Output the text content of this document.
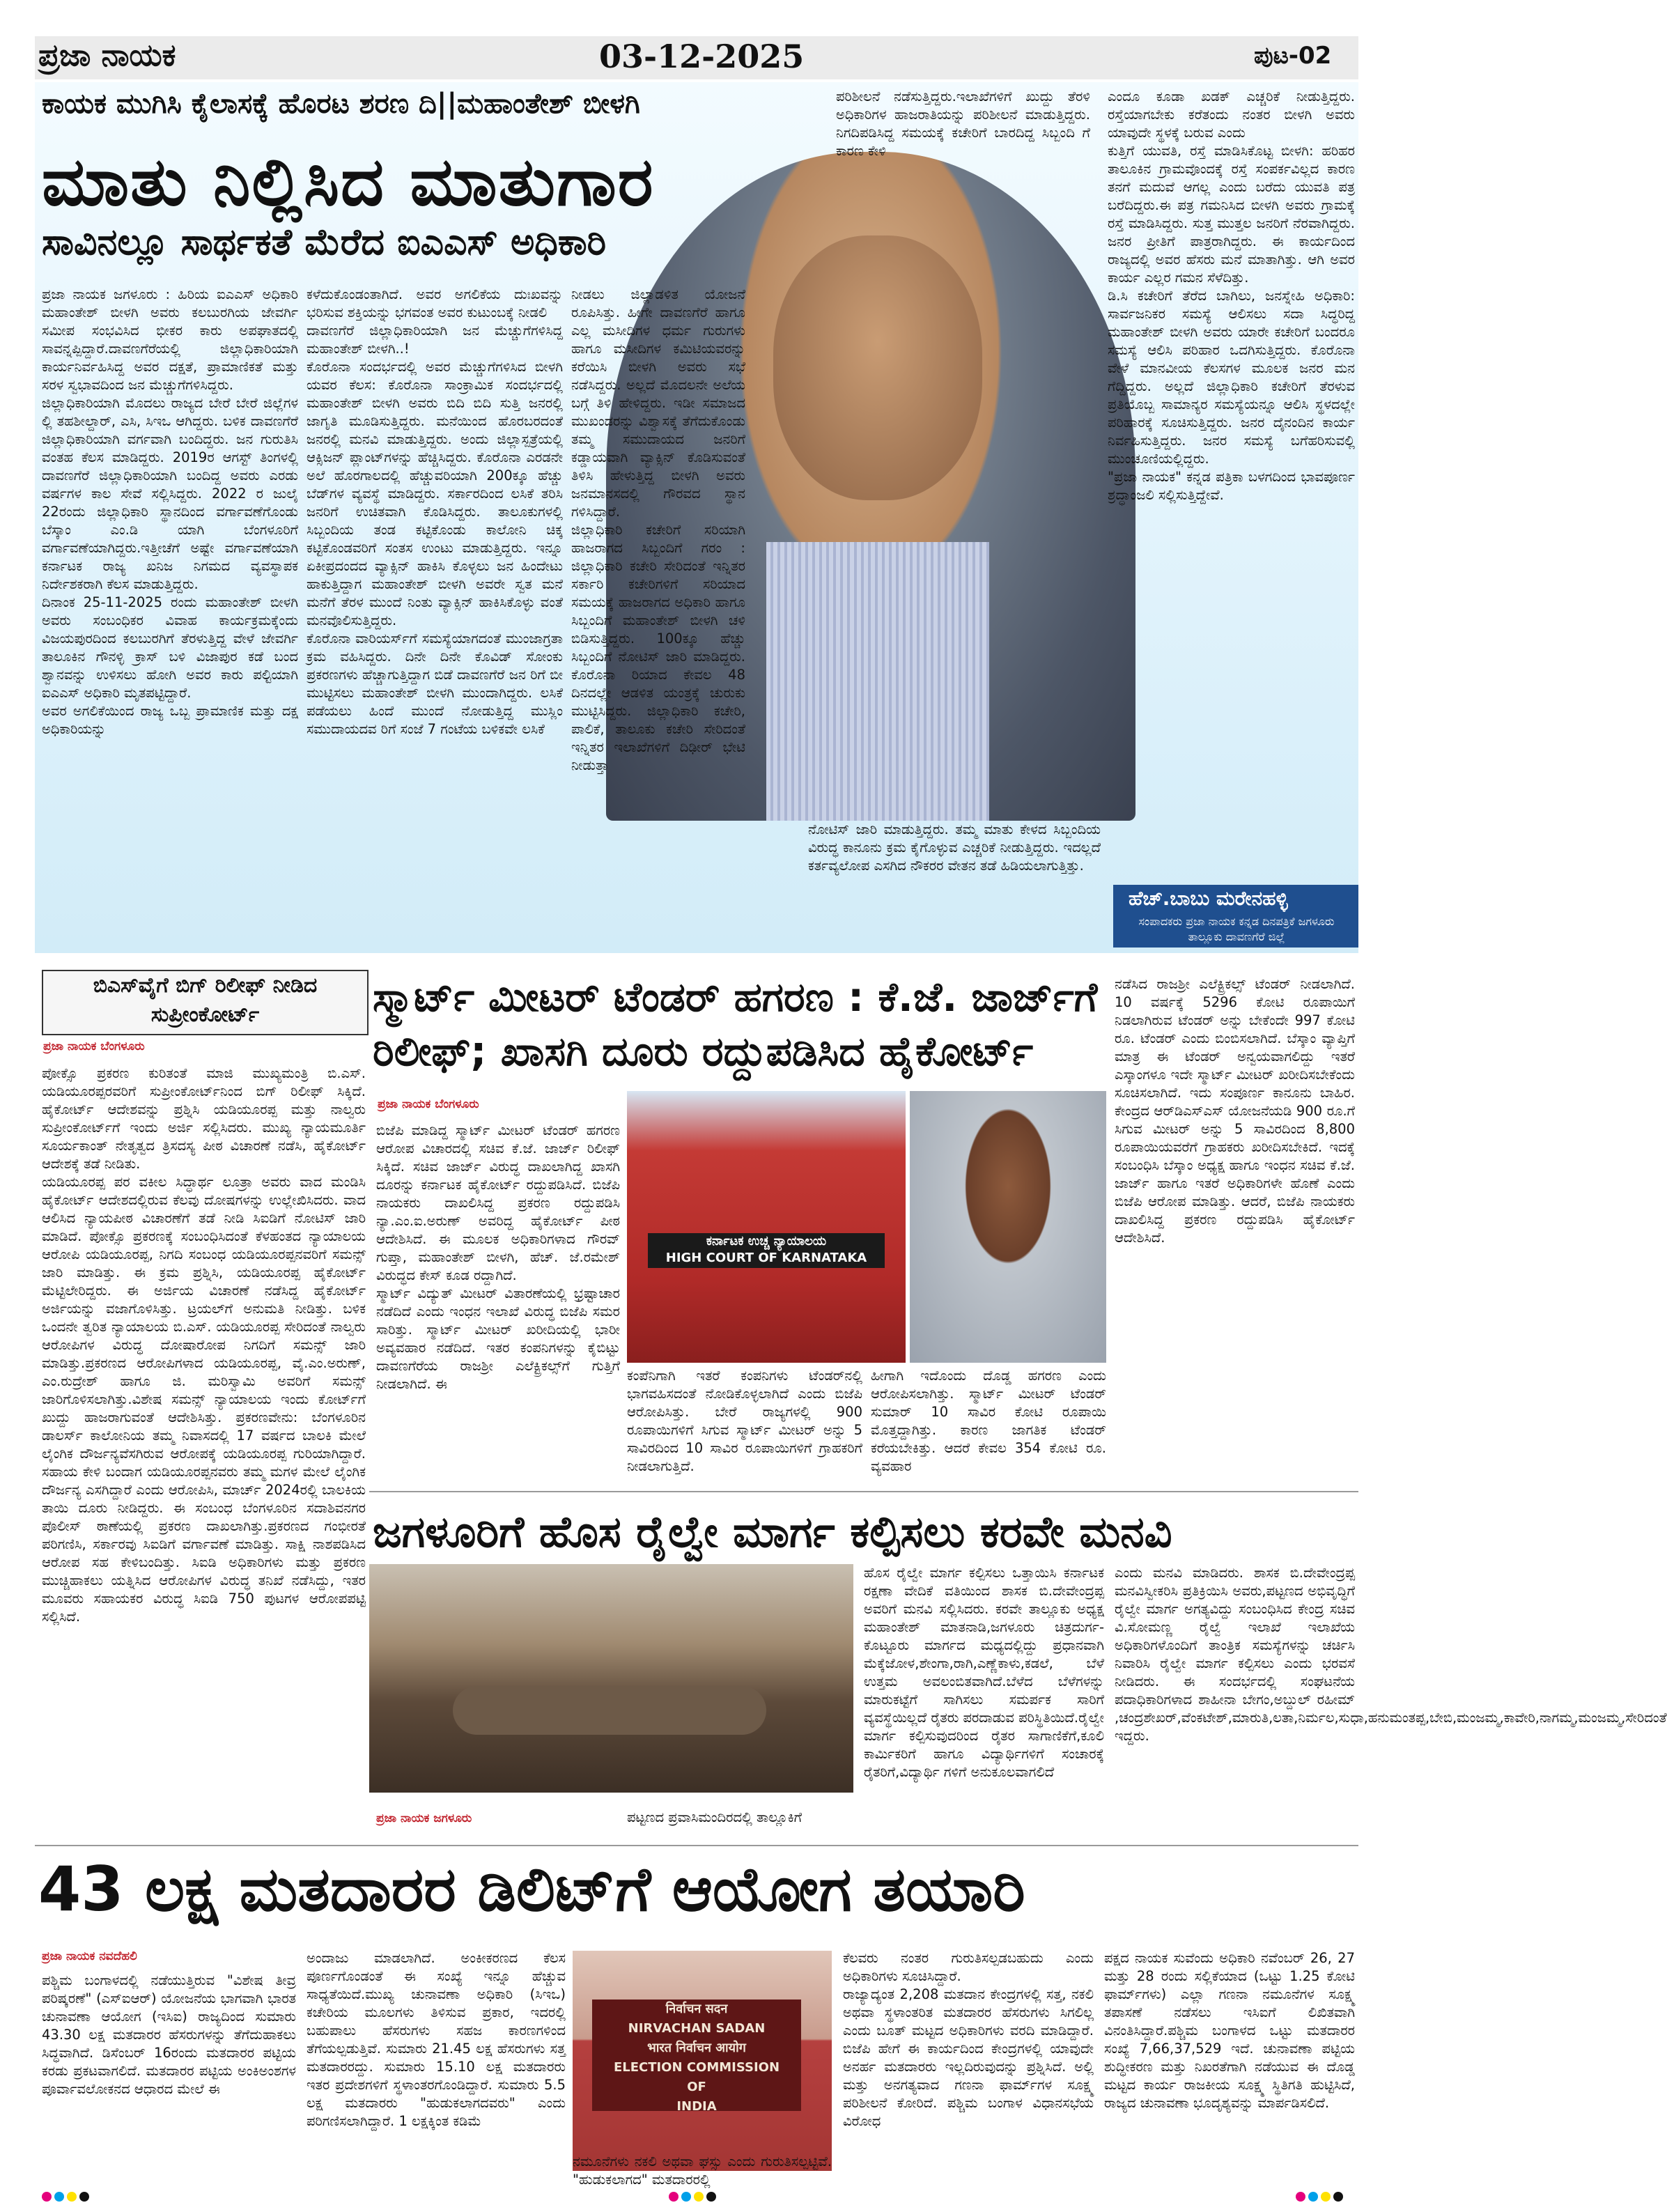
ಪ್ರಜಾ ನಾಯಕ	03-12-2025	ಪುಟ-02
ಕಾಯಕ ಮುಗಿಸಿ ಕೈಲಾಸಕ್ಕೆ ಹೊರಟ ಶರಣ ದಿ||ಮಹಾಂತೇಶ್ ಬೀಳಗಿ
ಮಾತು ನಿಲ್ಲಿಸಿದ ಮಾತುಗಾರ
ಸಾವಿನಲ್ಲೂ ಸಾರ್ಥಕತೆ ಮೆರೆದ ಐಎಎಸ್ ಅಧಿಕಾರಿ
ಪ್ರಜಾ ನಾಯಕ ಜಗಳೂರು : ಹಿರಿಯ ಐಎಎಸ್ ಅಧಿಕಾರಿ ಮಹಾಂತೇಶ್ ಬೀಳಗಿ ಅವರು ಕಲಬುರಗಿಯ ಜೇವರ್ಗಿ ಸಮೀಪ ಸಂಭವಿಸಿದ ಭೀಕರ ಕಾರು ಅಪಘಾತದಲ್ಲಿ ಸಾವನ್ನಪ್ಪಿದ್ದಾರೆ.ದಾವಣಗೆರೆಯಲ್ಲಿ ಜಿಲ್ಲಾಧಿಕಾರಿಯಾಗಿ ಕಾರ್ಯನಿರ್ವಹಿಸಿದ್ದ ಅವರ ದಕ್ಷತೆ, ಪ್ರಾಮಾಣಿಕತೆ ಮತ್ತು ಸರಳ ಸ್ವಭಾವದಿಂದ ಜನ ಮೆಚ್ಚುಗೆಗಳಿಸಿದ್ದರು.
ಜಿಲ್ಲಾಧಿಕಾರಿಯಾಗಿ ಮೊದಲು ರಾಜ್ಯದ ಬೇರೆ ಬೇರೆ ಜಿಲ್ಲೆಗಳ ಲ್ಲಿ ತಹಶೀಲ್ದಾರ್, ಎಸಿ, ಸಿಇಒ ಆಗಿದ್ದರು. ಬಳಿಕ ದಾವಣಗೆರೆ ಜಿಲ್ಲಾಧಿಕಾರಿಯಾಗಿ ವರ್ಗವಾಗಿ ಬಂದಿದ್ದರು. ಜನ ಗುರುತಿಸಿ ವಂತಹ ಕೆಲಸ ಮಾಡಿದ್ದರು. 2019ರ ಆಗಸ್ಟ್ ತಿಂಗಳಲ್ಲಿ ದಾವಣಗೆರೆ ಜಿಲ್ಲಾಧಿಕಾರಿಯಾಗಿ ಬಂದಿದ್ದ ಅವರು ಎರಡು ವರ್ಷಗಳ ಕಾಲ ಸೇವೆ ಸಲ್ಲಿಸಿದ್ದರು. 2022 ರ ಜುಲೈ 22ರಂದು ಜಿಲ್ಲಾಧಿಕಾರಿ ಸ್ಥಾನದಿಂದ ವರ್ಗಾವಣೆಗೊಂಡು ಬೆಸ್ಕಾಂ ಎಂ.ಡಿ ಯಾಗಿ ಬೆಂಗಳೂರಿಗೆ ವರ್ಗಾವಣೆಯಾಗಿದ್ದರು.ಇತ್ತೀಚೆಗೆ ಅಷ್ಟೇ ವರ್ಗಾವಣೆಯಾಗಿ ಕರ್ನಾಟಕ ರಾಜ್ಯ ಖನಿಜ ನಿಗಮದ ವ್ಯವಸ್ಥಾಪಕ ನಿರ್ದೇಶಕರಾಗಿ ಕೆಲಸ ಮಾಡುತ್ತಿದ್ದರು.
ದಿನಾಂಕ 25-11-2025 ರಂದು ಮಹಾಂತೇಶ್ ಬೀಳಗಿ ಅವರು ಸಂಬಂಧಿಕರ ವಿವಾಹ ಕಾರ್ಯಕ್ರಮಕ್ಕೆಂದು ವಿಜಯಪುರದಿಂದ ಕಲಬುರಗಿಗೆ ತೆರಳುತ್ತಿದ್ದ ವೇಳೆ ಜೇವರ್ಗಿ ತಾಲೂಕಿನ ಗೌನಳ್ಳಿ ಕ್ರಾಸ್ ಬಳಿ ವಿಜಾಪುರ ಕಡೆ ಬಂದ ಶ್ವಾನವನ್ನು ಉಳಿಸಲು ಹೋಗಿ ಅವರ ಕಾರು ಪಲ್ಟಿಯಾಗಿ ಐಎಎಸ್ ಅಧಿಕಾರಿ ಮೃತಪಟ್ಟಿದ್ದಾರೆ.
ಅವರ ಅಗಲಿಕೆಯಿಂದ ರಾಜ್ಯ ಒಬ್ಬ ಪ್ರಾಮಾಣಿಕ ಮತ್ತು ದಕ್ಷ ಅಧಿಕಾರಿಯನ್ನು
ಕಳೆದುಕೊಂಡಂತಾಗಿದೆ. ಅವರ ಅಗಲಿಕೆಯ ದುಃಖವನ್ನು ಭರಿಸುವ ಶಕ್ತಿಯನ್ನು ಭಗವಂತ ಅವರ ಕುಟುಂಬಕ್ಕೆ ನೀಡಲಿ
ದಾವಣಗೆರೆ ಜಿಲ್ಲಾಧಿಕಾರಿಯಾಗಿ ಜನ ಮೆಚ್ಚುಗೆಗಳಿಸಿದ್ದ ಮಹಾಂತೇಶ್ ಬೀಳಗಿ..!
ಕೊರೊನಾ ಸಂದರ್ಭದಲ್ಲಿ ಅವರ ಮೆಚ್ಚುಗೆಗಳಿಸಿದ ಬೀಳಗಿ ಯವರ ಕೆಲಸ: ಕೊರೊನಾ ಸಾಂಕ್ರಾಮಿಕ ಸಂದರ್ಭದಲ್ಲಿ ಮಹಾಂತೇಶ್ ಬೀಳಗಿ ಅವರು ಬಿದಿ ಬಿದಿ ಸುತ್ತಿ ಜನರಲ್ಲಿ ಜಾಗೃತಿ ಮೂಡಿಸುತ್ತಿದ್ದರು. ಮನೆಯಿಂದ ಹೊರಬರದಂತೆ ಜನರಲ್ಲಿ ಮನವಿ ಮಾಡುತ್ತಿದ್ದರು. ಅಂದು ಜಿಲ್ಲಾಸ್ಪತ್ರೆಯಲ್ಲಿ ಆಕ್ಸಿಜನ್ ಪ್ಲಾಂಟ್‌ಗಳನ್ನು ಹೆಚ್ಚಿಸಿದ್ದರು. ಕೊರೊನಾ ಎರಡನೇ ಅಲೆ ಹೊರಗಾಲದಲ್ಲಿ ಹೆಚ್ಚುವರಿಯಾಗಿ 200ಕ್ಕೂ ಹೆಚ್ಚು ಬೆಡ್‌ಗಳ ವ್ಯವಸ್ಥೆ ಮಾಡಿದ್ದರು. ಸರ್ಕಾರದಿಂದ ಲಸಿಕೆ ತರಿಸಿ ಜನರಿಗೆ ಉಚಿತವಾಗಿ ಕೊಡಿಸಿದ್ದರು. ತಾಲೂಕುಗಳಲ್ಲಿ ಸಿಬ್ಬಂದಿಯ ತಂಡ ಕಟ್ಟಿಕೊಂಡು ಕಾಲೋನಿ ಚಿಕ್ಕ ಕಟ್ಟಿಕೊಂಡವರಿಗೆ ಸಂತಸ ಉಂಟು ಮಾಡುತ್ತಿದ್ದರು. ಇನ್ನೂ ಏಕೀಪ್ರದಂದದ ವ್ಯಾಕ್ಸಿನ್ ಹಾಕಿಸಿ ಕೊಳ್ಳಲು ಜನ ಹಿಂದೇಟು ಹಾಕುತ್ತಿದ್ದಾಗ ಮಹಾಂತೇಶ್ ಬೀಳಗಿ ಅವರೇ ಸ್ವತ ಮನೆ ಮನೆಗೆ ತೆರಳ ಮುಂದೆ ನಿಂತು ವ್ಯಾಕ್ಸಿನ್ ಹಾಕಿಸಿಕೊಳ್ಳು ವಂತೆ ಮನವೊಲಿಸುತ್ತಿದ್ದರು.
ಕೊರೊನಾ ವಾರಿಯರ್ಸ್‌ಗೆ ಸಮಸ್ಯೆಯಾಗದಂತೆ ಮುಂಜಾಗ್ರತಾ ಕ್ರಮ ವಹಿಸಿದ್ದರು. ದಿನೇ ದಿನೇ ಕೊವಿಡ್ ಸೋಂಕು ಪ್ರಕರಣಗಳು ಹೆಚ್ಚಾಗುತ್ತಿದ್ದಾಗ ಬಿಡೆ ದಾವಣಗೆರೆ ಜನ ರಿಗೆ ಬೀ ಮುಟ್ಟಿಸಲು ಮಹಾಂತೇಶ್ ಬೀಳಗಿ ಮುಂದಾಗಿದ್ದರು. ಲಸಿಕೆ ಪಡೆಯಲು ಹಿಂದೆ ಮುಂದೆ ನೋಡುತ್ತಿದ್ದ ಮುಸ್ಲಿಂ ಸಮುದಾಯದವ ರಿಗೆ ಸಂಜೆ 7 ಗಂಟೆಯ ಬಳಿಕವೇ ಲಸಿಕೆ
ನೀಡಲು ಜಿಲ್ಲಾಡಳಿತ ಯೋಜನೆ ರೂಪಿಸಿತ್ತು. ಹೀಗೇ ದಾವಣಗೆರೆ ಹಾಗೂ ಎಲ್ಲ ಮಸೀದಿಗಳ ಧರ್ಮ ಗುರುಗಳು ಹಾಗೂ ಮಸೀದಿಗಳ ಕಮಿಟಿಯವರನ್ನು ಕರೆಯಿಸಿ ಬೀಳಗಿ ಅವರು ಸಭೆ ನಡೆಸಿದ್ದರು. ಅಲ್ಲದೆ ಮೊದಲನೇ ಅಲೆಯ ಬಗ್ಗೆ ತಿಳಿ ಹೇಳಿದ್ದರು. ಇಡೀ ಸಮಾಜದ ಮುಖಂಡರನ್ನು ವಿಶ್ವಾಸಕ್ಕೆ ತೆಗೆದುಕೊಂಡು ತಮ್ಮ ಸಮುದಾಯದ ಜನರಿಗೆ ಕಡ್ಡಾಯವಾಗಿ ವ್ಯಾಕ್ಸಿನ್ ಕೊಡಿಸುವಂತೆ ತಿಳಿಸಿ ಹೇಳುತ್ತಿದ್ದ ಬೀಳಗಿ ಅವರು ಜನಮಾನಸದಲ್ಲಿ ಗೌರವದ ಸ್ಥಾನ ಗಳಿಸಿದ್ದಾರೆ.
ಜಿಲ್ಲಾಧಿಕಾರಿ ಕಚೇರಿಗೆ ಸರಿಯಾಗಿ ಹಾಜರಾಗದ ಸಿಬ್ಬಂದಿಗೆ ಗರಂ : ಜಿಲ್ಲಾಧಿಕಾರಿ ಕಚೇರಿ ಸೇರಿದಂತೆ ಇನ್ನಿತರ ಸರ್ಕಾರಿ ಕಚೇರಿಗಳಿಗೆ ಸರಿಯಾದ ಸಮಯಕ್ಕೆ ಹಾಜರಾಗದ ಅಧಿಕಾರಿ ಹಾಗೂ ಸಿಬ್ಬಂದಿಗೆ ಮಹಾಂತೇಶ್ ಬೀಳಗಿ ಚಳಿ ಬಿಡಿಸುತ್ತಿದ್ದರು. 100ಕ್ಕೂ ಹೆಚ್ಚು ಸಿಬ್ಬಂದಿಗೆ ನೋಟಿಸ್ ಜಾರಿ ಮಾಡಿದ್ದರು. ಕೊರೊನಾ ರಿಯಾದ ಕೇವಲ 48 ದಿನದಲ್ಲೇ ಆಡಳಿತ ಯಂತ್ರಕ್ಕೆ ಚುರುಕು ಮುಟ್ಟಿಸಿದ್ದರು. ಜಿಲ್ಲಾಧಿಕಾರಿ ಕಚೇರಿ, ಪಾಲಿಕೆ, ತಾಲೂಕು ಕಚೇರಿ ಸೇರಿದಂತೆ ಇನ್ನಿತರ ಇಲಾಖೆಗಳಿಗೆ ದಿಢೀರ್ ಭೇಟಿ ನೀಡುತ್ತಾ
ಪರಿಶೀಲನೆ ನಡೆಸುತ್ತಿದ್ದರು.ಇಲಾಖೆಗಳಿಗೆ ಖುದ್ದು ತೆರಳಿ ಅಧಿಕಾರಿಗಳ ಹಾಜರಾತಿಯನ್ನು ಪರಿಶೀಲನೆ ಮಾಡುತ್ತಿದ್ದರು. ನಿಗದಿಪಡಿಸಿದ್ದ ಸಮಯಕ್ಕೆ ಕಚೇರಿಗೆ ಬಾರದಿದ್ದ ಸಿಬ್ಬಂದಿ ಗೆ ಕಾರಣ ಕೇಳಿ
ನೋಟಿಸ್ ಜಾರಿ ಮಾಡುತ್ತಿದ್ದರು. ತಮ್ಮ ಮಾತು ಕೇಳದ ಸಿಬ್ಬಂದಿಯ ವಿರುದ್ಧ ಕಾನೂನು ಕ್ರಮ ಕೈಗೊಳ್ಳುವ ಎಚ್ಚರಿಕೆ ನೀಡುತ್ತಿದ್ದರು. ಇದಲ್ಲದೆ ಕರ್ತವ್ಯಲೋಪ ಎಸಗಿದ ನೌಕರರ ವೇತನ ತಡೆ ಹಿಡಿಯಲಾಗುತ್ತಿತ್ತು.
ಎಂದೂ ಕೂಡಾ ಖಡಕ್ ಎಚ್ಚರಿಕೆ ನೀಡುತ್ತಿದ್ದರು. ರಸ್ತೆಯಾಗಬೇಕು ಕರೆತಂದು ನಂತರ ಬೀಳಗಿ ಅವರು ಯಾವುದೇ ಸ್ಥಳಕ್ಕೆ ಬರುವ ಎಂದು
ಕುತ್ತಿಗೆ ಯುವತಿ, ರಸ್ತೆ ಮಾಡಿಸಿಕೊಟ್ಟ ಬೀಳಗಿ: ಹರಿಹರ ತಾಲೂಕಿನ ಗ್ರಾಮವೊಂದಕ್ಕೆ ರಸ್ತೆ ಸಂಪರ್ಕವಿಲ್ಲದ ಕಾರಣ ತನಗೆ ಮದುವೆ ಆಗಲ್ಲ ಎಂದು ಬರೆದು ಯುವತಿ ಪತ್ರ ಬರೆದಿದ್ದರು.ಈ ಪತ್ರ ಗಮನಿಸಿದ ಬೀಳಗಿ ಅವರು ಗ್ರಾಮಕ್ಕೆ ರಸ್ತೆ ಮಾಡಿಸಿದ್ದರು. ಸುತ್ತ ಮುತ್ತಲ ಜನರಿಗೆ ನೆರವಾಗಿದ್ದರು. ಜನರ ಪ್ರೀತಿಗೆ ಪಾತ್ರರಾಗಿದ್ದರು. ಈ ಕಾರ್ಯದಿಂದ ರಾಜ್ಯದಲ್ಲಿ ಅವರ ಹೆಸರು ಮನೆ ಮಾತಾಗಿತ್ತು. ಆಗಿ ಅವರ ಕಾರ್ಯ ಎಲ್ಲರ ಗಮನ ಸೆಳೆದಿತ್ತು.
ಡಿ.ಸಿ ಕಚೇರಿಗೆ ತೆರೆದ ಬಾಗಿಲು, ಜನಸ್ನೇಹಿ ಅಧಿಕಾರಿ: ಸಾರ್ವಜನಿಕರ ಸಮಸ್ಯೆ ಆಲಿಸಲು ಸದಾ ಸಿದ್ಧರಿದ್ದ ಮಹಾಂತೇಶ್ ಬೀಳಗಿ ಅವರು ಯಾರೇ ಕಚೇರಿಗೆ ಬಂದರೂ ಸಮಸ್ಯೆ ಆಲಿಸಿ ಪರಿಹಾರ ಒದಗಿಸುತ್ತಿದ್ದರು. ಕೊರೊನಾ ವೇಳೆ ಮಾನವೀಯ ಕೆಲಸಗಳ ಮೂಲಕ ಜನರ ಮನ ಗೆದ್ದಿದ್ದರು. ಅಲ್ಲದೆ ಜಿಲ್ಲಾಧಿಕಾರಿ ಕಚೇರಿಗೆ ತೆರಳುವ ಪ್ರತಿಯೊಬ್ಬ ಸಾಮಾನ್ಯರ ಸಮಸ್ಯೆಯನ್ನೂ ಆಲಿಸಿ ಸ್ಥಳದಲ್ಲೇ ಪರಿಹಾರಕ್ಕೆ ಸೂಚಿಸುತ್ತಿದ್ದರು. ಜನರ ದೈನಂದಿನ ಕಾರ್ಯ ನಿರ್ವಹಿಸುತ್ತಿದ್ದರು. ಜನರ ಸಮಸ್ಯೆ ಬಗೆಹರಿಸುವಲ್ಲಿ ಮುಂಚೂಣಿಯಲ್ಲಿದ್ದರು.
"ಪ್ರಜಾ ನಾಯಕ" ಕನ್ನಡ ಪತ್ರಿಕಾ ಬಳಗದಿಂದ ಭಾವಪೂರ್ಣ ಶ್ರದ್ಧಾಂಜಲಿ ಸಲ್ಲಿಸುತ್ತಿದ್ದೇವೆ.
ಹೆಚ್.ಬಾಬು ಮರೇನಹಳ್ಳಿ
ಸಂಪಾದಕರು ಪ್ರಜಾ ನಾಯಕ ಕನ್ನಡ ದಿನಪತ್ರಿಕೆ ಜಗಳೂರು ತಾಲ್ಲೂಕು ದಾವಣಗೆರೆ ಜಿಲ್ಲೆ
ಬಿಎಸ್‌ವೈಗೆ ಬಿಗ್ ರಿಲೀಫ್ ನೀಡಿದ ಸುಪ್ರೀಂಕೋರ್ಟ್
ಪ್ರಜಾ ನಾಯಕ ಬೆಂಗಳೂರು
ಪೋಕ್ಸೊ ಪ್ರಕರಣ ಕುರಿತಂತೆ ಮಾಜಿ ಮುಖ್ಯಮಂತ್ರಿ ಬಿ.ಎಸ್. ಯಡಿಯೂರಪ್ಪರವರಿಗೆ ಸುಪ್ರೀಂಕೋರ್ಟ್‌ನಿಂದ ಬಿಗ್ ರಿಲೀಫ್ ಸಿಕ್ಕಿದೆ. ಹೈಕೋರ್ಟ್ ಆದೇಶವನ್ನು ಪ್ರಶ್ನಿಸಿ ಯಡಿಯೂರಪ್ಪ ಮತ್ತು ನಾಲ್ವರು ಸುಪ್ರೀಂಕೋರ್ಟ್‌ಗೆ ಇಂದು ಅರ್ಜಿ ಸಲ್ಲಿಸಿದರು. ಮುಖ್ಯ ನ್ಯಾಯಮೂರ್ತಿ ಸೂರ್ಯಕಾಂತ್ ನೇತೃತ್ವದ ತ್ರಿಸದಸ್ಯ ಪೀಠ ವಿಚಾರಣೆ ನಡೆಸಿ, ಹೈಕೋರ್ಟ್ ಆದೇಶಕ್ಕೆ ತಡೆ ನೀಡಿತು.
ಯಡಿಯೂರಪ್ಪ ಪರ ವಕೀಲ ಸಿದ್ಧಾರ್ಥ ಲೂತ್ರಾ ಅವರು ವಾದ ಮಂಡಿಸಿ ಹೈಕೋರ್ಟ್ ಆದೇಶದಲ್ಲಿರುವ ಕೆಲವು ದೋಷಗಳನ್ನು ಉಲ್ಲೇಖಿಸಿದರು. ವಾದ ಆಲಿಸಿದ ನ್ಯಾಯಪೀಠ ವಿಚಾರಣೆಗೆ ತಡೆ ನೀಡಿ ಸಿಐಡಿಗೆ ನೋಟಿಸ್ ಜಾರಿ ಮಾಡಿದೆ. ಪೋಕ್ಸೊ ಪ್ರಕರಣಕ್ಕೆ ಸಂಬಂಧಿಸಿದಂತೆ ಕೆಳಹಂತದ ನ್ಯಾಯಾಲಯ ಆರೋಪಿ ಯಡಿಯೂರಪ್ಪ, ನಿಗದಿ ಸಂಬಂಧ ಯಡಿಯೂರಪ್ಪನವರಿಗೆ ಸಮನ್ಸ್ ಜಾರಿ ಮಾಡಿತ್ತು. ಈ ಕ್ರಮ ಪ್ರಶ್ನಿಸಿ, ಯಡಿಯೂರಪ್ಪ ಹೈಕೋರ್ಟ್ ಮೆಟ್ಟಿಲೇರಿದ್ದರು. ಈ ಅರ್ಜಿಯ ವಿಚಾರಣೆ ನಡೆಸಿದ್ದ ಹೈಕೋರ್ಟ್ ಅರ್ಜಿಯನ್ನು ವಜಾಗೊಳಿಸಿತ್ತು. ಟ್ರಯಲ್‌ಗೆ ಅನುಮತಿ ನೀಡಿತ್ತು. ಬಳಿಕ ಒಂದನೇ ತ್ವರಿತ ನ್ಯಾಯಾಲಯ ಬಿ.ಎಸ್. ಯಡಿಯೂರಪ್ಪ ಸೇರಿದಂತೆ ನಾಲ್ವರು ಆರೋಪಿಗಳ ವಿರುದ್ಧ ದೋಷಾರೋಪ ನಿಗದಿಗೆ ಸಮನ್ಸ್ ಜಾರಿ ಮಾಡಿತ್ತು.ಪ್ರಕರಣದ ಆರೋಪಿಗಳಾದ ಯಡಿಯೂರಪ್ಪ, ವೈ.ಎಂ.ಅರುಣ್, ಎಂ.ರುದ್ರೇಶ್ ಹಾಗೂ ಜಿ. ಮರಿಸ್ವಾಮಿ ಅವರಿಗೆ ಸಮನ್ಸ್ ಜಾರಿಗೊಳಿಸಲಾಗಿತ್ತು.ವಿಶೇಷ ಸಮನ್ಸ್ ನ್ಯಾಯಾಲಯ ಇಂದು ಕೋರ್ಟ್‌ಗೆ ಖುದ್ದು ಹಾಜರಾಗುವಂತೆ ಆದೇಶಿಸಿತ್ತು. ಪ್ರಕರಣವೇನು: ಬೆಂಗಳೂರಿನ ಡಾಲರ್ಸ್ ಕಾಲೋನಿಯ ತಮ್ಮ ನಿವಾಸದಲ್ಲಿ 17 ವರ್ಷದ ಬಾಲಕಿ ಮೇಲೆ ಲೈಂಗಿಕ ದೌರ್ಜನ್ಯವೆಸಗಿರುವ ಆರೋಪಕ್ಕೆ ಯಡಿಯೂರಪ್ಪ ಗುರಿಯಾಗಿದ್ದಾರೆ. ಸಹಾಯ ಕೇಳಿ ಬಂದಾಗ ಯಡಿಯೂರಪ್ಪನವರು ತಮ್ಮ ಮಗಳ ಮೇಲೆ ಲೈಂಗಿಕ ದೌರ್ಜನ್ಯ ಎಸಗಿದ್ದಾರೆ ಎಂದು ಆರೋಪಿಸಿ, ಮಾರ್ಚ್ 2024ರಲ್ಲಿ ಬಾಲಕಿಯ ತಾಯಿ ದೂರು ನೀಡಿದ್ದರು. ಈ ಸಂಬಂಧ ಬೆಂಗಳೂರಿನ ಸದಾಶಿವನಗರ ಪೊಲೀಸ್ ಠಾಣೆಯಲ್ಲಿ ಪ್ರಕರಣ ದಾಖಲಾಗಿತ್ತು.ಪ್ರಕರಣದ ಗಂಭೀರತೆ ಪರಿಗಣಿಸಿ, ಸರ್ಕಾರವು ಸಿಐಡಿಗೆ ವರ್ಗಾವಣೆ ಮಾಡಿತ್ತು. ಸಾಕ್ಷಿ ನಾಶಪಡಿಸಿದ ಆರೋಪ ಸಹ ಕೇಳಿಬಂದಿತ್ತು. ಸಿಐಡಿ ಅಧಿಕಾರಿಗಳು ಮತ್ತು ಪ್ರಕರಣ ಮುಚ್ಚಿಹಾಕಲು ಯತ್ನಿಸಿದ ಆರೋಪಿಗಳ ವಿರುದ್ಧ ತನಿಖೆ ನಡೆಸಿದ್ದು, ಇತರ ಮೂವರು ಸಹಾಯಕರ ವಿರುದ್ಧ ಸಿಐಡಿ 750 ಪುಟಗಳ ಆರೋಪಪಟ್ಟಿ ಸಲ್ಲಿಸಿದೆ.
ಸ್ಮಾರ್ಟ್ ಮೀಟರ್ ಟೆಂಡರ್ ಹಗರಣ : ಕೆ.ಜೆ. ಜಾರ್ಜ್‌ಗೆ
ರಿಲೀಫ್; ಖಾಸಗಿ ದೂರು ರದ್ದುಪಡಿಸಿದ ಹೈಕೋರ್ಟ್
ಪ್ರಜಾ ನಾಯಕ ಬೆಂಗಳೂರು
ಬಿಜೆಪಿ ಮಾಡಿದ್ದ ಸ್ಮಾರ್ಟ್ ಮೀಟರ್ ಟೆಂಡರ್ ಹಗರಣ ಆರೋಪ ವಿಚಾರದಲ್ಲಿ ಸಚಿವ ಕೆ.ಜೆ. ಜಾರ್ಜ್ ರಿಲೀಫ್ ಸಿಕ್ಕಿದೆ. ಸಚಿವ ಜಾರ್ಜ್ ವಿರುದ್ಧ ದಾಖಲಾಗಿದ್ದ ಖಾಸಗಿ ದೂರನ್ನು ಕರ್ನಾಟಕ ಹೈಕೋರ್ಟ್ ರದ್ದುಪಡಿಸಿದೆ. ಬಿಜೆಪಿ ನಾಯಕರು ದಾಖಲಿಸಿದ್ದ ಪ್ರಕರಣ ರದ್ದುಪಡಿಸಿ ನ್ಯಾ.ಎಂ.ಐ.ಅರುಣ್ ಅವರಿದ್ದ ಹೈಕೋರ್ಟ್ ಪೀಠ ಆದೇಶಿಸಿದೆ. ಈ ಮೂಲಕ ಅಧಿಕಾರಿಗಳಾದ ಗೌರವ್ ಗುಪ್ತಾ, ಮಹಾಂತೇಶ್ ಬೀಳಗಿ, ಹೆಚ್. ಜೆ.ರಮೇಶ್ ವಿರುದ್ಧದ ಕೇಸ್ ಕೂಡ ರದ್ದಾಗಿದೆ.
ಸ್ಮಾರ್ಟ್ ವಿದ್ಯುತ್ ಮೀಟರ್ ವಿತಾರಣೆಯಲ್ಲಿ ಭ್ರಷ್ಟಾಚಾರ ನಡೆದಿದೆ ಎಂದು ಇಂಧನ ಇಲಾಖೆ ವಿರುದ್ಧ ಬಿಜೆಪಿ ಸಮರ ಸಾರಿತ್ತು. ಸ್ಮಾರ್ಟ್ ಮೀಟರ್ ಖರೀದಿಯಲ್ಲಿ ಭಾರೀ ಅವ್ಯವಹಾರ ನಡೆದಿದೆ. ಇತರ ಕಂಪನಿಗಳನ್ನು ಕೈಬಿಟ್ಟು ದಾವಣಗೆರೆಯ ರಾಜಶ್ರೀ ಎಲೆಕ್ಟ್ರಿಕಲ್ಸ್‌ಗೆ ಗುತ್ತಿಗೆ ನೀಡಲಾಗಿದೆ. ಈ
ಕರ್ನಾಟಕ ಉಚ್ಚ ನ್ಯಾಯಾಲಯ
HIGH COURT OF KARNATAKA
ಕಂಪೆನಿಗಾಗಿ ಇತರೆ ಕಂಪನಿಗಳು ಟೆಂಡರ್‌ನಲ್ಲಿ ಭಾಗವಹಿಸದಂತೆ ನೋಡಿಕೊಳ್ಳಲಾಗಿದೆ ಎಂದು ಬಿಜೆಪಿ ಆರೋಪಿಸಿತ್ತು. ಬೇರೆ ರಾಜ್ಯಗಳಲ್ಲಿ 900 ರೂಪಾಯಿಗಳಿಗೆ ಸಿಗುವ ಸ್ಮಾರ್ಟ್ ಮೀಟರ್ ಅನ್ನು 5 ಸಾವಿರದಿಂದ 10 ಸಾವಿರ ರೂಪಾಯಿಗಳಿಗೆ ಗ್ರಾಹಕರಿಗೆ ನೀಡಲಾಗುತ್ತಿದೆ.
ಹೀಗಾಗಿ ಇದೊಂದು ದೊಡ್ಡ ಹಗರಣ ಎಂದು ಆರೋಪಿಸಲಾಗಿತ್ತು. ಸ್ಮಾರ್ಟ್ ಮೀಟರ್ ಟೆಂಡರ್ ಸುಮಾರ್ 10 ಸಾವಿರ ಕೋಟಿ ರೂಪಾಯಿ ಮೊತ್ತದ್ದಾಗಿತ್ತು. ಕಾರಣ ಜಾಗತಿಕ ಟೆಂಡರ್ ಕರೆಯಬೇಕಿತ್ತು. ಆದರೆ ಕೇವಲ 354 ಕೋಟಿ ರೂ. ವ್ಯವಹಾರ
ನಡೆಸಿದ ರಾಜಶ್ರೀ ಎಲೆಕ್ಟ್ರಿಕಲ್ಸ್ ಟೆಂಡರ್ ನೀಡಲಾಗಿದೆ. 10 ವರ್ಷಕ್ಕೆ 5296 ಕೋಟಿ ರೂಪಾಯಿಗೆ ನಿಡಲಾಗಿರುವ ಟೆಂಡರ್ ಅನ್ನು ಬೇಕೆಂದೇ 997 ಕೋಟಿ ರೂ. ಟೆಂಡರ್ ಎಂದು ಬಿಂಬಿಸಲಾಗಿದೆ. ಬೆಸ್ಕಾಂ ವ್ಯಾಪ್ತಿಗೆ ಮಾತ್ರ ಈ ಟೆಂಡರ್ ಅನ್ವಯವಾಗಲಿದ್ದು ಇತರೆ ಎಸ್ಕಾಂಗಳೂ ಇದೇ ಸ್ಮಾರ್ಟ್ ಮೀಟರ್ ಖರೀದಿಸಬೇಕೆಂದು ಸೂಚಿಸಲಾಗಿದೆ. ಇದು ಸಂಪೂರ್ಣ ಕಾನೂನು ಬಾಹಿರ. ಕೇಂದ್ರದ ಆರ್‌ಡಿಎಸ್‌ಎಸ್ ಯೋಜನೆಯಡಿ 900 ರೂ.ಗೆ ಸಿಗುವ ಮೀಟರ್ ಅನ್ನು 5 ಸಾವಿರದಿಂದ 8,800 ರೂಪಾಯಿಯವರೆಗೆ ಗ್ರಾಹಕರು ಖರೀದಿಸಬೇಕಿದೆ. ಇದಕ್ಕೆ ಸಂಬಂಧಿಸಿ ಬೆಸ್ಕಾಂ ಅಧ್ಯಕ್ಷ ಹಾಗೂ ಇಂಧನ ಸಚಿವ ಕೆ.ಜೆ. ಜಾರ್ಜ್ ಹಾಗೂ ಇತರೆ ಅಧಿಕಾರಿಗಳೇ ಹೊಣೆ ಎಂದು ಬಿಜೆಪಿ ಆರೋಪ ಮಾಡಿತ್ತು. ಆದರೆ, ಬಿಜೆಪಿ ನಾಯಕರು ದಾಖಲಿಸಿದ್ದ ಪ್ರಕರಣ ರದ್ದುಪಡಿಸಿ ಹೈಕೋರ್ಟ್ ಆದೇಶಿಸಿದೆ.
ಜಗಳೂರಿಗೆ ಹೊಸ ರೈಲ್ವೇ ಮಾರ್ಗ ಕಲ್ಪಿಸಲು ಕರವೇ ಮನವಿ
ಪ್ರಜಾ ನಾಯಕ ಜಗಳೂರು	ಪಟ್ಟಣದ ಪ್ರವಾಸಿಮಂದಿರದಲ್ಲಿ ತಾಲ್ಲೂಕಿಗೆ
ಹೊಸ ರೈಲ್ವೇ ಮಾರ್ಗ ಕಲ್ಪಿಸಲು ಒತ್ತಾಯಿಸಿ ಕರ್ನಾಟಕ ರಕ್ಷಣಾ ವೇದಿಕೆ ವತಿಯಿಂದ ಶಾಸಕ ಬಿ.ದೇವೇಂದ್ರಪ್ಪ ಅವರಿಗೆ ಮನವಿ ಸಲ್ಲಿಸಿದರು. ಕರವೇ ತಾಲ್ಲೂಕು ಅಧ್ಯಕ್ಷ ಮಹಾಂತೇಶ್ ಮಾತನಾಡಿ,ಜಗಳೂರು ಚಿತ್ರದುರ್ಗ-ಕೊಟ್ಟೂರು ಮಾರ್ಗದ ಮಧ್ಯದಲ್ಲಿದ್ದು ಪ್ರಧಾನವಾಗಿ ಮೆಕ್ಕೆಜೋಳ,ಶೇಂಗಾ,ರಾಗಿ,ಎಣ್ಣೆಕಾಳು,ಕಡಲೆ, ಬೆಳೆ ಉತ್ತಮ ಅವಲಂಬಿತವಾಗಿದೆ.ಬೆಳೆದ ಬೆಳೆಗಳನ್ನು ಮಾರುಕಟ್ಟೆಗೆ ಸಾಗಿಸಲು ಸಮರ್ಪಕ ಸಾರಿಗೆ ವ್ಯವಸ್ಥೆಯಿಲ್ಲದೆ ರೈತರು ಪರದಾಡುವ ಪರಿಸ್ಥಿತಿಯಿದೆ.ರೈಲ್ವೇ ಮಾರ್ಗ ಕಲ್ಪಿಸುವುದರಿಂದ ರೈತರ ಸಾಗಾಣಿಕೆಗೆ,ಕೂಲಿ ಕಾರ್ಮಿಕರಿಗೆ ಹಾಗೂ ವಿದ್ಯಾರ್ಥಿಗಳಿಗೆ ಸಂಚಾರಕ್ಕೆ ರೈತರಿಗೆ,ವಿದ್ಯಾರ್ಥಿ ಗಳಿಗೆ ಅನುಕೂಲವಾಗಲಿದೆ
ಎಂದು ಮನವಿ ಮಾಡಿದರು. ಶಾಸಕ ಬಿ.ದೇವೇಂದ್ರಪ್ಪ ಮನವಿಸ್ವೀಕರಿಸಿ ಪ್ರತಿಕ್ರಿಯಿಸಿ ಅವರು,ಪಟ್ಟಣದ ಅಭಿವೃದ್ಧಿಗೆ ರೈಲ್ವೇ ಮಾರ್ಗ ಅಗತ್ಯವಿದ್ದು ಸಂಬಂಧಿಸಿದ ಕೇಂದ್ರ ಸಚಿವ ವಿ.ಸೋಮಣ್ಣ ರೈಲ್ವೆ ಇಲಾಖೆ ಇಲಾಖೆಯ ಅಧಿಕಾರಿಗಳೊಂದಿಗೆ ತಾಂತ್ರಿಕ ಸಮಸ್ಯೆಗಳನ್ನು ಚರ್ಚಿಸಿ ನಿವಾರಿಸಿ ರೈಲ್ವೇ ಮಾರ್ಗ ಕಲ್ಪಿಸಲು ಎಂದು ಭರವಸೆ ನೀಡಿದರು. ಈ ಸಂದರ್ಭದಲ್ಲಿ ಸಂಘಟನೆಯ ಪದಾಧಿಕಾರಿಗಳಾದ ಶಾಹೀನಾ ಬೇಗಂ,ಅಬ್ದುಲ್ ರಹೀಮ್ ,ಚಂದ್ರಶೇಖರ್,ವೆಂಕಟೇಶ್,ಮಾರುತಿ,ಲತಾ,ನಿರ್ಮಲ,ಸುಧಾ,ಹನುಮಂತಪ್ಪ,ಬೇಬಿ,ಮಂಜಮ್ಮ,ಕಾವೇರಿ,ನಾಗಮ್ಮ,ಮಂಜಮ್ಮ,ಸೇರಿದಂತೆ ಇದ್ದರು.
43 ಲಕ್ಷ ಮತದಾರರ ಡಿಲಿಟ್‌ಗೆ ಆಯೋಗ ತಯಾರಿ
ಪ್ರಜಾ ನಾಯಕ ನವದೆಹಲಿ
ಪಶ್ಚಿಮ ಬಂಗಾಳದಲ್ಲಿ ನಡೆಯುತ್ತಿರುವ "ವಿಶೇಷ ತೀವ್ರ ಪರಿಷ್ಕರಣೆ" (ಎಸ್‌ಐಆರ್) ಯೋಜನೆಯ ಭಾಗವಾಗಿ ಭಾರತ ಚುನಾವಣಾ ಆಯೋಗ (ಇಸಿಐ) ರಾಜ್ಯದಿಂದ ಸುಮಾರು 43.30 ಲಕ್ಷ ಮತದಾರರ ಹೆಸರುಗಳನ್ನು ತೆಗೆದುಹಾಕಲು ಸಿದ್ಧವಾಗಿದೆ. ಡಿಸೆಂಬರ್ 16ರಂದು ಮತದಾರರ ಪಟ್ಟಿಯ ಕರಡು ಪ್ರಕಟವಾಗಲಿದೆ. ಮತದಾರರ ಪಟ್ಟಿಯ ಅಂಕಿಅಂಶಗಳ ಪೂರ್ವಾವಲೋಕನದ ಆಧಾರದ ಮೇಲೆ ಈ
ಅಂದಾಜು ಮಾಡಲಾಗಿದೆ. ಅಂಕೀಕರಣದ ಕೆಲಸ ಪೂರ್ಣಗೊಂಡಂತೆ ಈ ಸಂಖ್ಯೆ ಇನ್ನೂ ಹೆಚ್ಚುವ ಸಾಧ್ಯತೆಯಿದೆ.ಮುಖ್ಯ ಚುನಾವಣಾ ಅಧಿಕಾರಿ (ಸಿಇಒ) ಕಚೇರಿಯ ಮೂಲಗಳು ತಿಳಿಸುವ ಪ್ರಕಾರ, ಇದರಲ್ಲಿ ಬಹುಪಾಲು ಹೆಸರುಗಳು ಸಹಜ ಕಾರಣಗಳಿಂದ ತೆಗೆಯಲ್ಪಡುತ್ತಿವೆ. ಸುಮಾರು 21.45 ಲಕ್ಷ ಹೆಸರುಗಳು ಸತ್ತ ಮತದಾರರದ್ದು. ಸುಮಾರು 15.10 ಲಕ್ಷ ಮತದಾರರು ಇತರ ಪ್ರದೇಶಗಳಿಗೆ ಸ್ಥಳಾಂತರಗೊಂಡಿದ್ದಾರೆ. ಸುಮಾರು 5.5 ಲಕ್ಷ ಮತದಾರರು "ಹುಡುಕಲಾಗದವರು" ಎಂದು ಪರಿಗಣಿಸಲಾಗಿದ್ದಾರೆ. 1 ಲಕ್ಷಕ್ಕಿಂತ ಕಡಿಮೆ
निर्वाचन सदन
NIRVACHAN SADAN
भारत निर्वाचन आयोग
ELECTION COMMISSION
OF
INDIA
ನಮೂನೆಗಳು ನಕಲಿ ಅಥವಾ ಘಸ್ಸು ಎಂದು ಗುರುತಿಸಲ್ಪಟ್ಟಿವೆ. "ಹುಡುಕಲಾಗದ" ಮತದಾರರಲ್ಲಿ
ಕೆಲವರು ನಂತರ ಗುರುತಿಸಲ್ಪಡಬಹುದು ಎಂದು ಅಧಿಕಾರಿಗಳು ಸೂಚಿಸಿದ್ದಾರೆ.
ರಾಜ್ಯಾದ್ಯಂತ 2,208 ಮತದಾನ ಕೇಂದ್ರಗಳಲ್ಲಿ ಸತ್ತ, ನಕಲಿ ಅಥವಾ ಸ್ಥಳಾಂತರಿತ ಮತದಾರರ ಹೆಸರುಗಳು ಸಿಗಲಿಲ್ಲ ಎಂದು ಬೂತ್ ಮಟ್ಟದ ಅಧಿಕಾರಿಗಳು ವರದಿ ಮಾಡಿದ್ದಾರೆ. ಬಿಜೆಪಿ ಹೇಗೆ ಈ ಕಾರ್ಯದಿಂದ ಕೇಂದ್ರಗಳಲ್ಲಿ ಯಾವುದೇ ಅನರ್ಹ ಮತದಾರರು ಇಲ್ಲದಿರುವುದನ್ನು ಪ್ರಶ್ನಿಸಿದೆ. ಅಲ್ಲಿ ಮತ್ತು ಅನಗತ್ಯವಾದ ಗಣನಾ ಫಾರ್ಮ್‌ಗಳ ಸೂಕ್ಷ್ಮ ಪರಿಶೀಲನೆ ಕೋರಿದೆ. ಪಶ್ಚಿಮ ಬಂಗಾಳ ವಿಧಾನಸಭೆಯ ವಿರೋಧ
ಪಕ್ಷದ ನಾಯಕ ಸುವೆಂದು ಅಧಿಕಾರಿ ನವೆಂಬರ್ 26, 27 ಮತ್ತು 28 ರಂದು ಸಲ್ಲಿಕೆಯಾದ (ಒಟ್ಟು 1.25 ಕೋಟಿ ಫಾರ್ಮ್‌ಗಳು) ಎಲ್ಲಾ ಗಣನಾ ನಮೂನೆಗಳ ಸೂಕ್ಷ್ಮ ತಪಾಸಣೆ ನಡೆಸಲು ಇಸಿಐಗೆ ಲಿಖಿತವಾಗಿ ವಿನಂತಿಸಿದ್ದಾರೆ.ಪಶ್ಚಿಮ ಬಂಗಾಳದ ಒಟ್ಟು ಮತದಾರರ ಸಂಖ್ಯೆ 7,66,37,529 ಇದೆ. ಚುನಾವಣಾ ಪಟ್ಟಿಯ ಶುದ್ಧೀಕರಣ ಮತ್ತು ನಿಖರತೆಗಾಗಿ ನಡೆಯುವ ಈ ದೊಡ್ಡ ಮಟ್ಟದ ಕಾರ್ಯ ರಾಜಕೀಯ ಸೂಕ್ಷ್ಮ ಸ್ಥಿತಿಗತಿ ಹುಟ್ಟಿಸಿದೆ, ರಾಜ್ಯದ ಚುನಾವಣಾ ಭೂದೃಶ್ಯವನ್ನು ಮಾರ್ಪಡಿಸಲಿದೆ.
